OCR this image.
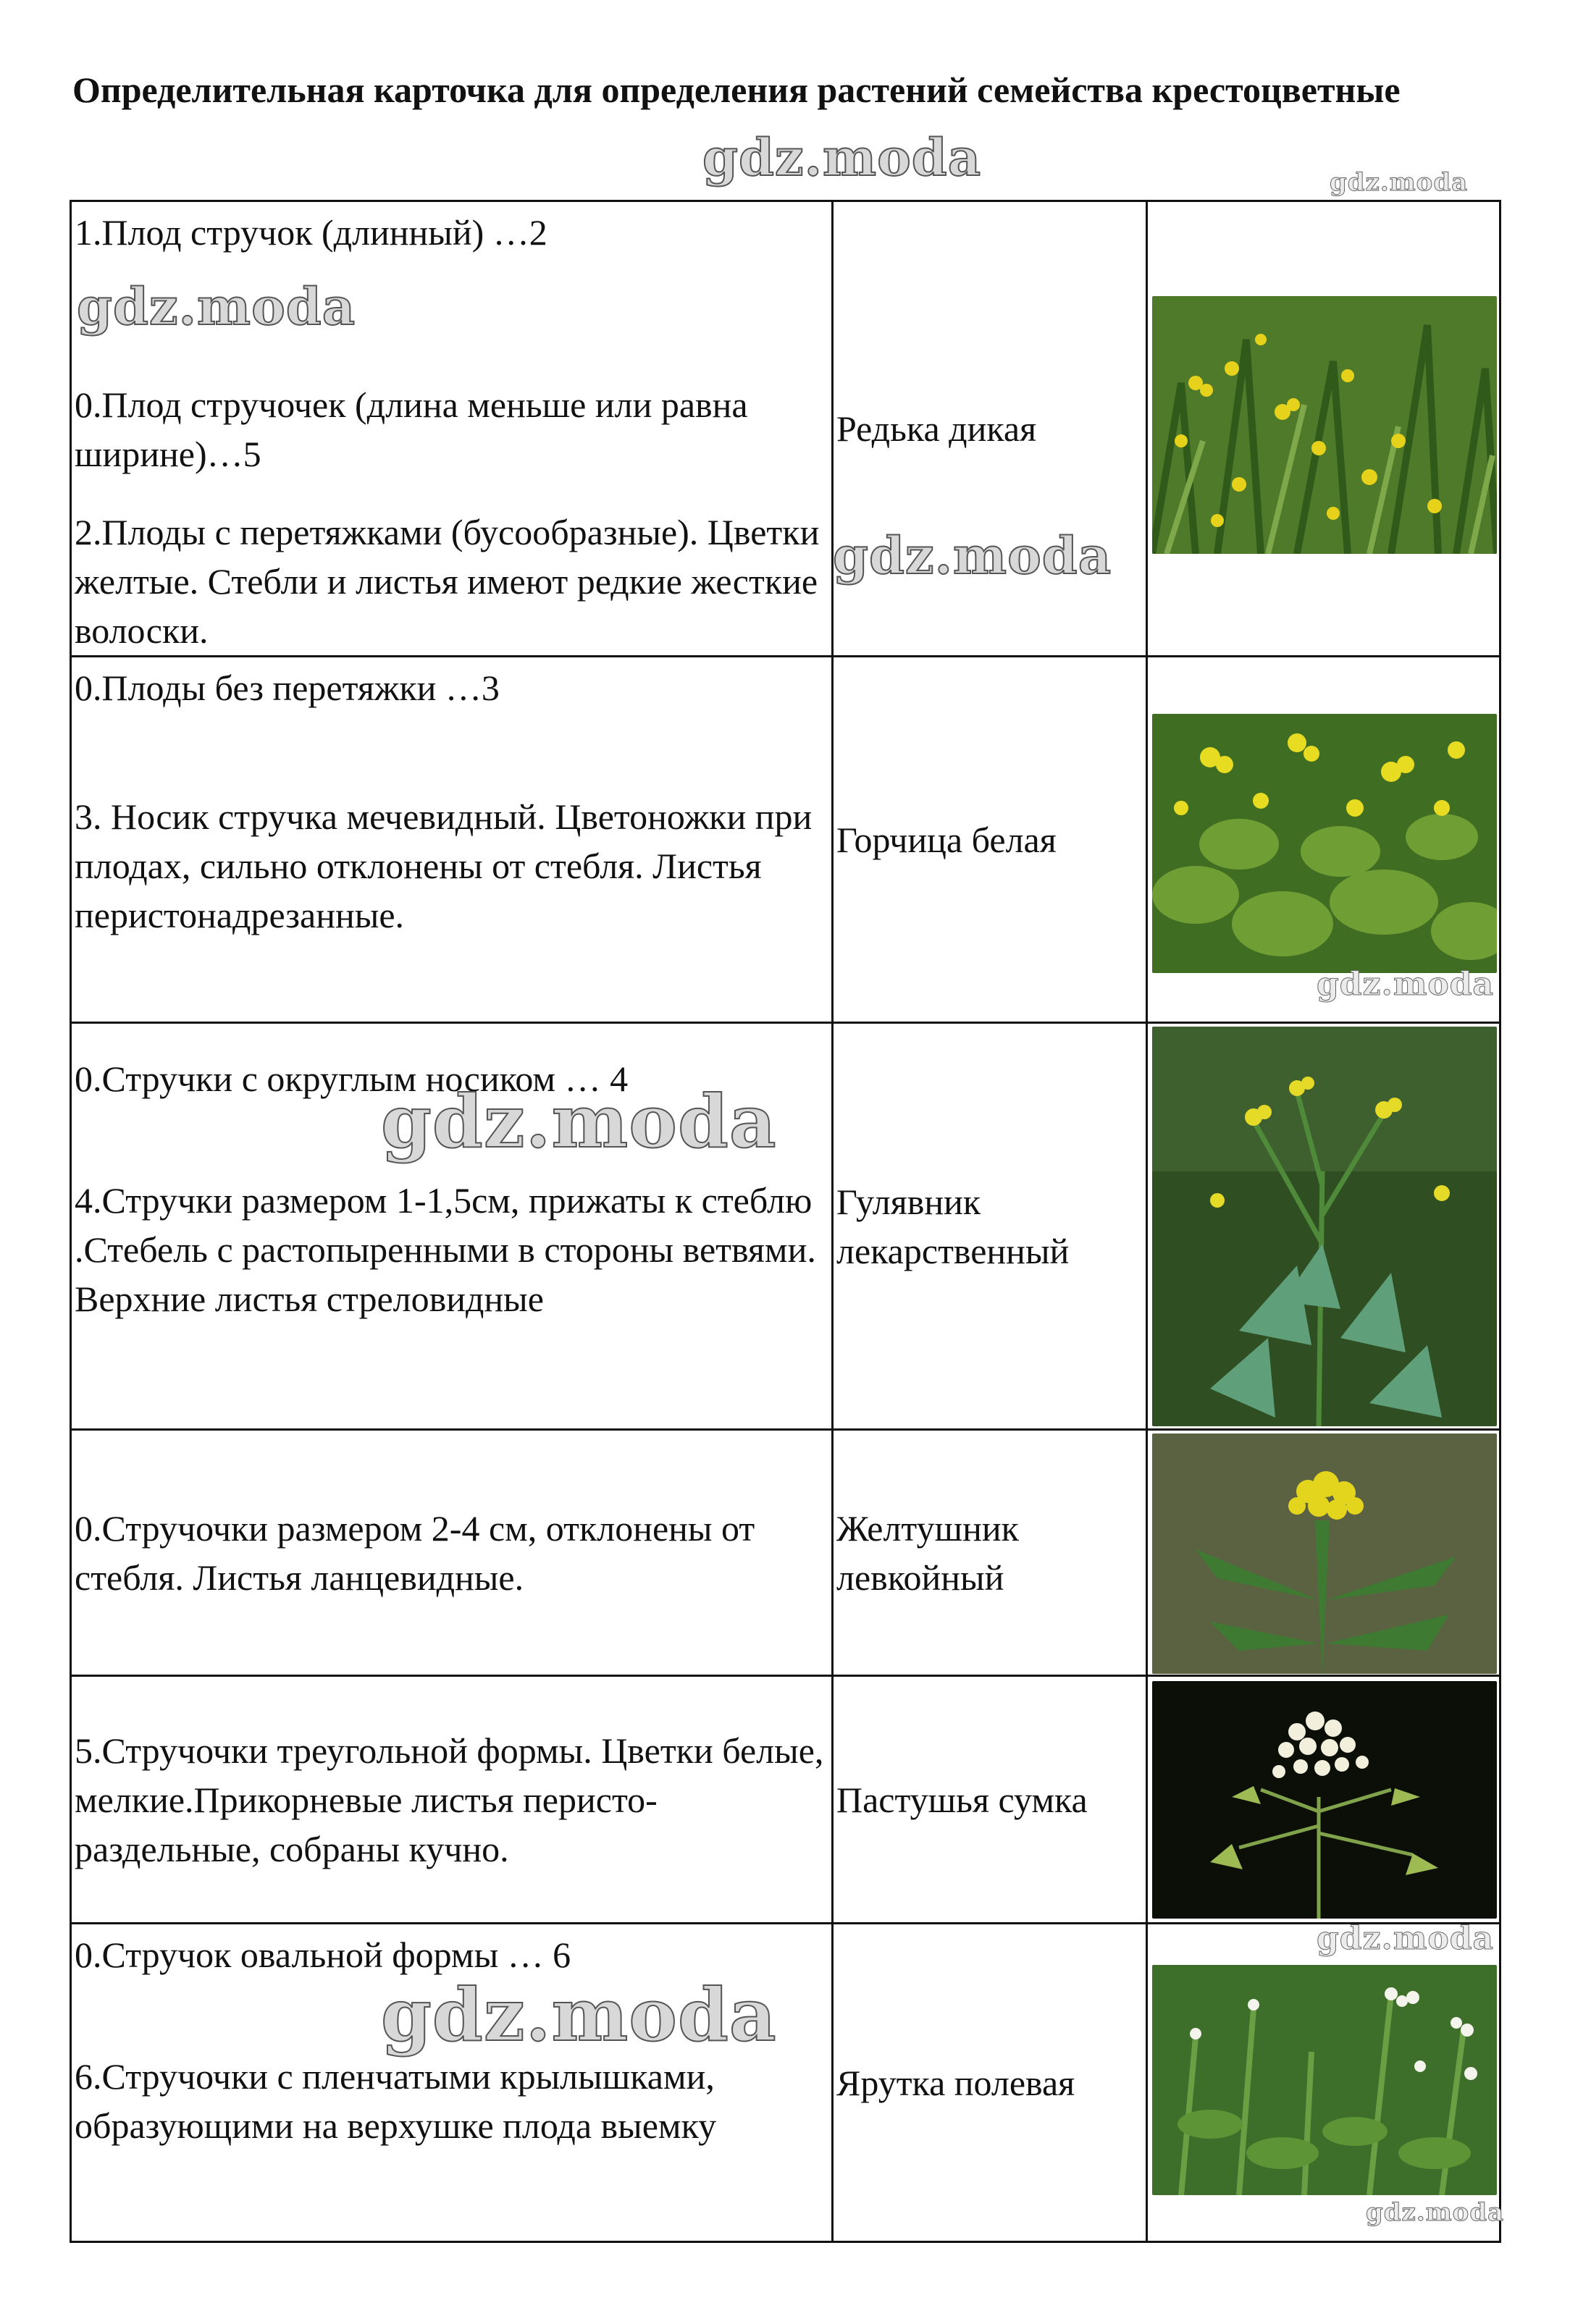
Определительная карточка для определения растений семейства крестоцветные

1.Плод стручок (длинный) …2

0.Плод стручочек (длина меньше или равна ширине)…5

2.Плоды с перетяжками (бусообразные). Цветки желтые. Стебли и листья имеют редкие жесткие волоски.	Редька дикая	

0.Плоды без перетяжки …3

3. Носик стручка мечевидный. Цветоножки при плодах, сильно отклонены от стебля. Листья перистонадрезанные.	Горчица белая	

0.Стручки с округлым носиком … 4

4.Стручки размером 1-1,5см, прижаты к стеблю .Стебель с растопыренными в стороны ветвями. Верхние листья стреловидные	Гулявник лекарственный	

0.Стручочки размером 2-4 см, отклонены от стебля. Листья ланцевидные.	Желтушник левкойный	

5.Стручочки треугольной формы. Цветки белые, мелкие.Прикорневые листья перисто-раздельные, собраны кучно.	Пастушья сумка	

0.Стручок овальной формы … 6

6.Стручочки с пленчатыми крылышками, образующими на верхушке плода выемку	Ярутка полевая	
gdz.moda	gdz.moda
gdz.moda
gdz.moda
gdz.moda
gdz.moda
gdz.moda
gdz.moda
gdz.moda
